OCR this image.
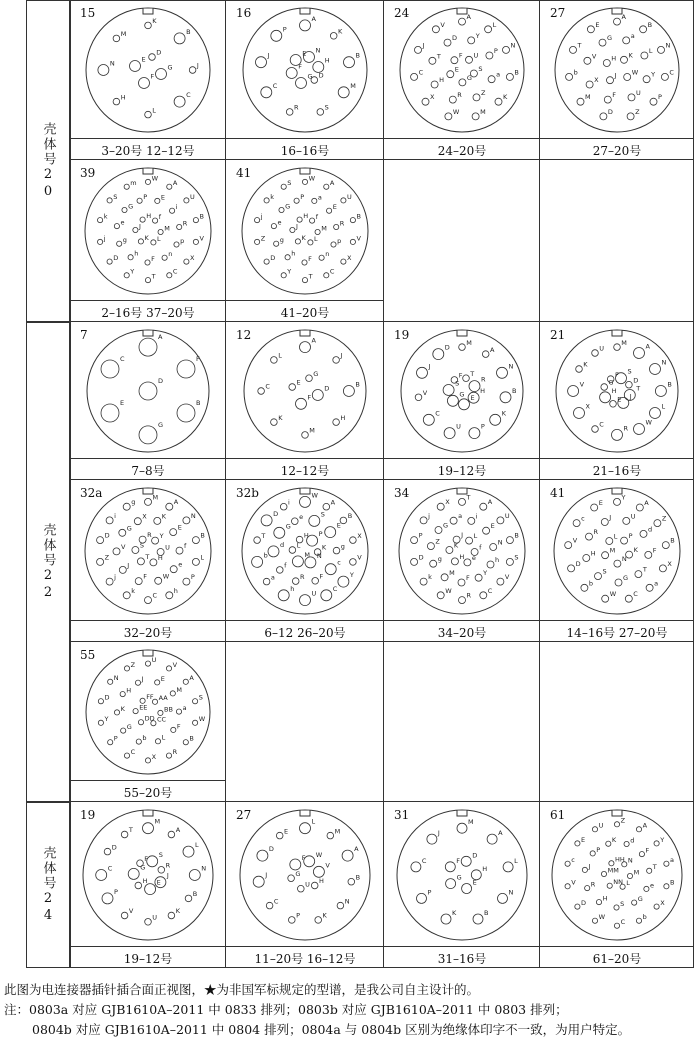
壳体号20
壳体号22
壳体号24
15
3–20号 12–12号
K
B
J
C
L
H
N
M
D
G
F
E
16
16–16号
A
K
B
M
S
R
C
J
P
N
H
D
G
F
E
24
24–20号
A
L
N
B
K
M
W
X
C
J
V
Y
P
a
Z
R
H
T
D
U
S
G
E
F
27
27–20号
A
B
N
C
P
Z
D
M
b
T
E
a
L
Y
U
F
X
V
G
K
W
J
H
39
2–16号 37–20号
W
A
U
B
V
X
C
T
Y
D
j
k
S
m
E
i
R
p
n
F
h
g
e
G
P
f
M
L
K
J
H
41
41–20号
W
A
U
B
V
X
C
T
Y
D
Z
j
k
S
a
E
R
p
n
F
h
g
e
G
P
f
M
L
K
J
H
7
7–8号
A
F
B
G
E
C
D
12
12–12号
A
J
B
H
M
K
C
L
G
D
F
E
19
19–12号
M
A
N
B
K
P
U
C
V
J
D
T
R
H
E
G
S
F
21
21–16号
M	A
N
B
L
W
R
C
X
V
K
U
S
D
T
J
E
H
G
F
32a
32–20号
M
A
N
B
L
P
h
C
k
j
Z
D
i
g
K
E
f
e
W
F
J
V
G
X
Y
U
H
T
S
R
32b
6–12 26–20号
W
A
B
X
V
Y
C
U
h
a
b
T
D
i
S
E
g
c
F
R
f
d
G
e
P
K
N
M
L
H
34
34–20号
T
A
U
B
S
V
C
R
W
k
D
P
j
X
i
E
N
h
Y
F
M
g
Z
G
a
L
f
e
H
K
J
41
14–16号 27–20号
Y
A
Z
B
X
a
C
W
b
D
V
c
E
U
d
F
T
G
S
H
R
J
P
K
N
M
L
55
55–20号
U
V
A
S
W
B
R
X
C
P
Y
D
N
Z
E
M
a
F
L
b
G
K
H
J
AA
BB
CC
DD
EE
FF
19
19–12号
M
A
L
N
B
K
U
V
P
C
D
T
S
R
J
E
H
G
F
27
11–20号 16–12号
L
M
A
B
N
K
P
C
J
D
E
W
V
H
U
G
F
31
31–16号
M
A
L
N
B
K
P
C
J
D
H
E
G
F
61
61–20号
Z
A
Y
a
B
X
b
C
W
D
V
c
E
U
d
F
T
e
G
S
H
R
J
P
K
N
M
L
NN
MM
HH
此图为电连接器插针插合面正视图，★为非国军标规定的型谱，是我公司自主设计的。
注：0803a 对应 GJB1610A–2011 中 0833 排列；0803b 对应 GJB1610A–2011 中 0803 排列；
0804b 对应 GJB1610A–2011 中 0804 排列；0804a 与 0804b 区别为绝缘体印字不一致，为用户特定。
